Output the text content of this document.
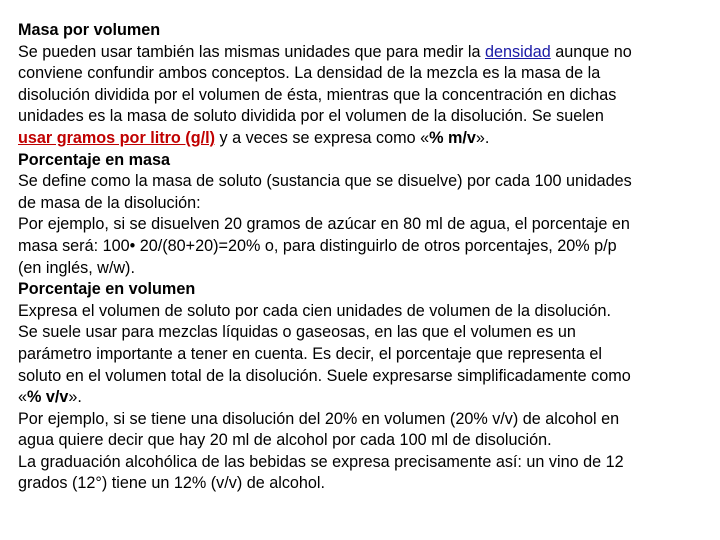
Masa por volumen
Se pueden usar también las mismas unidades que para medir la densidad aunque no
conviene confundir ambos conceptos. La densidad de la mezcla es la masa de la
disolución dividida por el volumen de ésta, mientras que la concentración en dichas
unidades es la masa de soluto dividida por el volumen de la disolución. Se suelen
usar gramos por litro (g/l) y a veces se expresa como «% m/v».
Porcentaje en masa
Se define como la masa de soluto (sustancia que se disuelve) por cada 100 unidades
de masa de la disolución:
Por ejemplo, si se disuelven 20 gramos de azúcar en 80 ml de agua, el porcentaje en
masa será: 100• 20/(80+20)=20% o, para distinguirlo de otros porcentajes, 20% p/p
(en inglés, w/w).
Porcentaje en volumen
Expresa el volumen de soluto por cada cien unidades de volumen de la disolución.
Se suele usar para mezclas líquidas o gaseosas, en las que el volumen es un
parámetro importante a tener en cuenta. Es decir, el porcentaje que representa el
soluto en el volumen total de la disolución. Suele expresarse simplificadamente como
«% v/v».
Por ejemplo, si se tiene una disolución del 20% en volumen (20% v/v) de alcohol en
agua quiere decir que hay 20 ml de alcohol por cada 100 ml de disolución.
La graduación alcohólica de las bebidas se expresa precisamente así: un vino de 12
grados (12°) tiene un 12% (v/v) de alcohol.
